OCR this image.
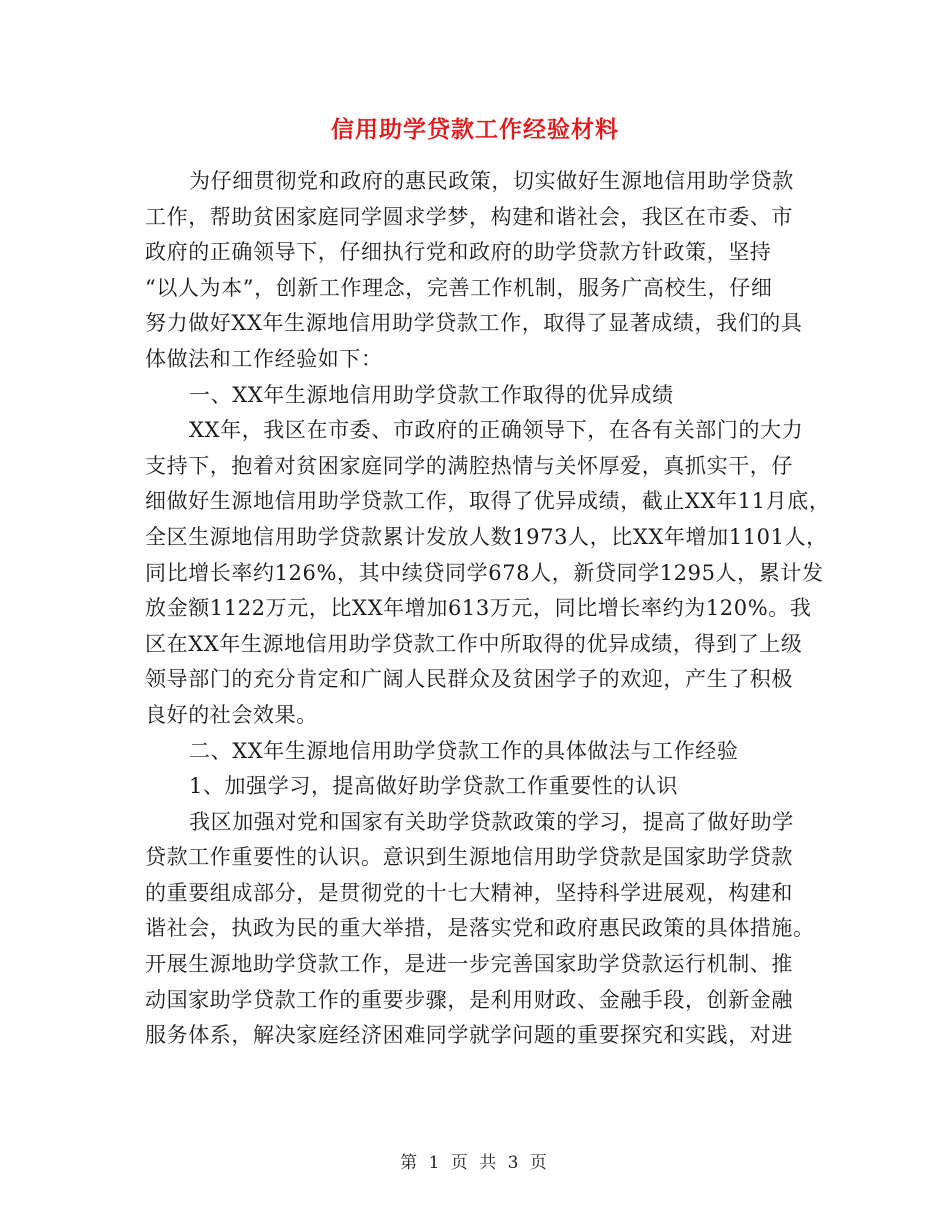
信用助学贷款工作经验材料
为仔细贯彻党和政府的惠民政策，切实做好生源地信用助学贷款
工作，帮助贫困家庭同学圆求学梦，构建和谐社会，我区在市委、市
政府的正确领导下，仔细执行党和政府的助学贷款方针政策，坚持
“以人为本”，创新工作理念，完善工作机制，服务广高校生，仔细
努力做好XX年生源地信用助学贷款工作，取得了显著成绩，我们的具
体做法和工作经验如下：
一、XX年生源地信用助学贷款工作取得的优异成绩
XX年，我区在市委、市政府的正确领导下，在各有关部门的大力
支持下，抱着对贫困家庭同学的满腔热情与关怀厚爱，真抓实干，仔
细做好生源地信用助学贷款工作，取得了优异成绩，截止XX年11月底，
全区生源地信用助学贷款累计发放人数1973人，比XX年增加1101人，
同比增长率约126%，其中续贷同学678人，新贷同学1295人，累计发
放金额1122万元，比XX年增加613万元，同比增长率约为120%。我
区在XX年生源地信用助学贷款工作中所取得的优异成绩，得到了上级
领导部门的充分肯定和广阔人民群众及贫困学子的欢迎，产生了积极
良好的社会效果。
二、XX年生源地信用助学贷款工作的具体做法与工作经验
1、加强学习，提高做好助学贷款工作重要性的认识
我区加强对党和国家有关助学贷款政策的学习，提高了做好助学
贷款工作重要性的认识。意识到生源地信用助学贷款是国家助学贷款
的重要组成部分，是贯彻党的十七大精神，坚持科学进展观，构建和
谐社会，执政为民的重大举措，是落实党和政府惠民政策的具体措施。
开展生源地助学贷款工作，是进一步完善国家助学贷款运行机制、推
动国家助学贷款工作的重要步骤，是利用财政、金融手段，创新金融
服务体系，解决家庭经济困难同学就学问题的重要探究和实践，对进
第 1 页 共 3 页
